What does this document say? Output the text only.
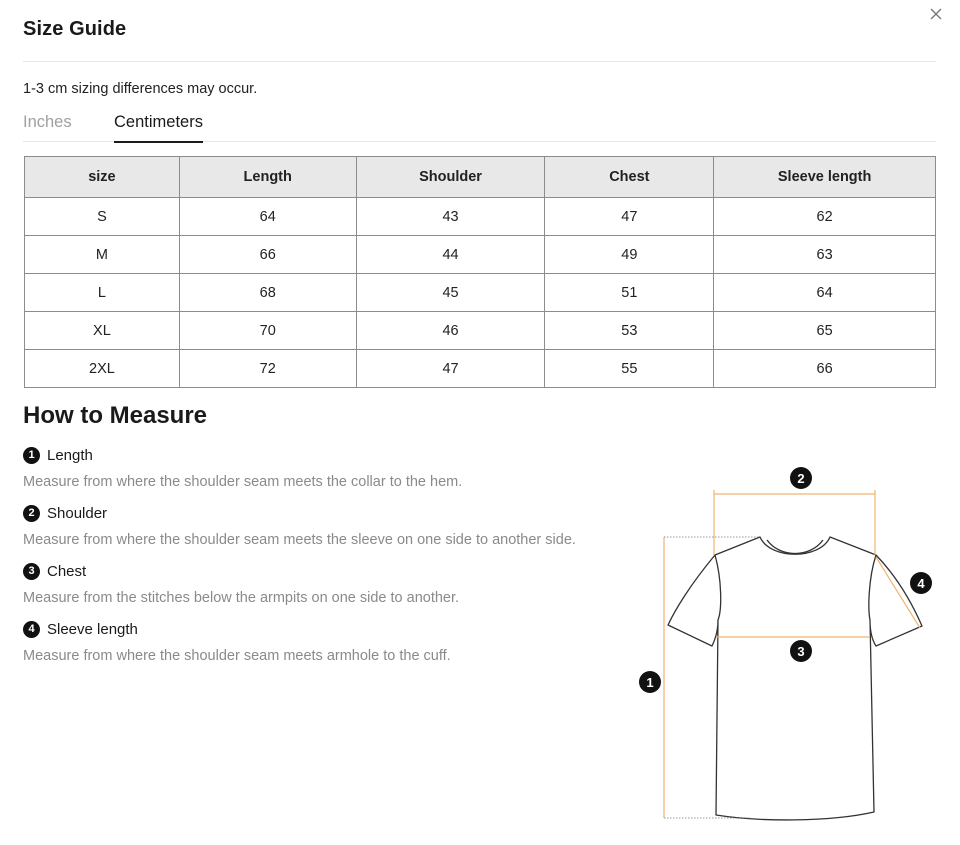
Size Guide
1-3 cm sizing differences may occur.
Inches	Centimeters
size	Length	Shoulder	Chest	Sleeve length
S	64	43	47	62
M	66	44	49	63
L	68	45	51	64
XL	70	46	53	65
2XL	72	47	55	66
How to Measure
1 Length
Measure from where the shoulder seam meets the collar to the hem.
2 Shoulder
Measure from where the shoulder seam meets the sleeve on one side to another side.
3 Chest
Measure from the stitches below the armpits on one side to another.
4 Sleeve length
Measure from where the shoulder seam meets armhole to the cuff.
2
3
1
4
